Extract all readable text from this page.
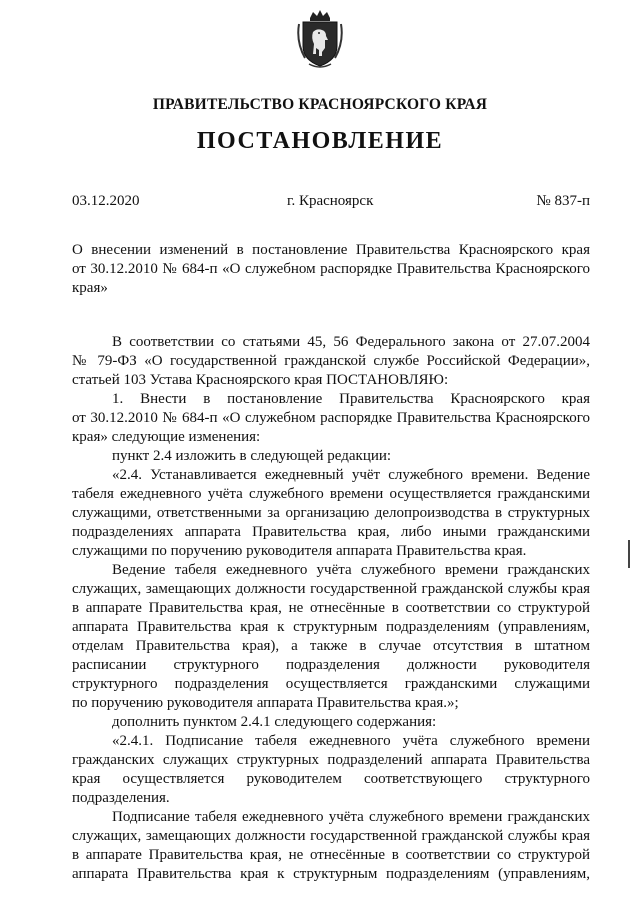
ПРАВИТЕЛЬСТВО КРАСНОЯРСКОГО КРАЯ
ПОСТАНОВЛЕНИЕ
03.12.2020	г. Красноярск	№ 837-п
О внесении изменений в постановление Правительства Красноярского края
от 30.12.2010 № 684-п «О служебном распорядке Правительства Красноярского
края»
В соответствии со статьями 45, 56 Федерального закона от 27.07.2004
№ 79-ФЗ «О государственной гражданской службе Российской Федерации»,
статьей 103 Устава Красноярского края ПОСТАНОВЛЯЮ:
1. Внести в постановление Правительства Красноярского края
от 30.12.2010 № 684-п «О служебном распорядке Правительства Красноярского
края» следующие изменения:
пункт 2.4 изложить в следующей редакции:
«2.4. Устанавливается ежедневный учёт служебного времени. Ведение
табеля ежедневного учёта служебного времени осуществляется гражданскими
служащими, ответственными за организацию делопроизводства в структурных
подразделениях аппарата Правительства края, либо иными гражданскими
служащими по поручению руководителя аппарата Правительства края.
Ведение табеля ежедневного учёта служебного времени гражданских
служащих, замещающих должности государственной гражданской службы края
в аппарате Правительства края, не отнесённые в соответствии со структурой
аппарата Правительства края к структурным подразделениям (управлениям,
отделам Правительства края), а также в случае отсутствия в штатном
расписании структурного подразделения должности руководителя
структурного подразделения осуществляется гражданскими служащими
по поручению руководителя аппарата Правительства края.»;
дополнить пунктом 2.4.1 следующего содержания:
«2.4.1. Подписание табеля ежедневного учёта служебного времени
гражданских служащих структурных подразделений аппарата Правительства
края осуществляется руководителем соответствующего структурного
подразделения.
Подписание табеля ежедневного учёта служебного времени гражданских
служащих, замещающих должности государственной гражданской службы края
в аппарате Правительства края, не отнесённые в соответствии со структурой
аппарата Правительства края к структурным подразделениям (управлениям,
